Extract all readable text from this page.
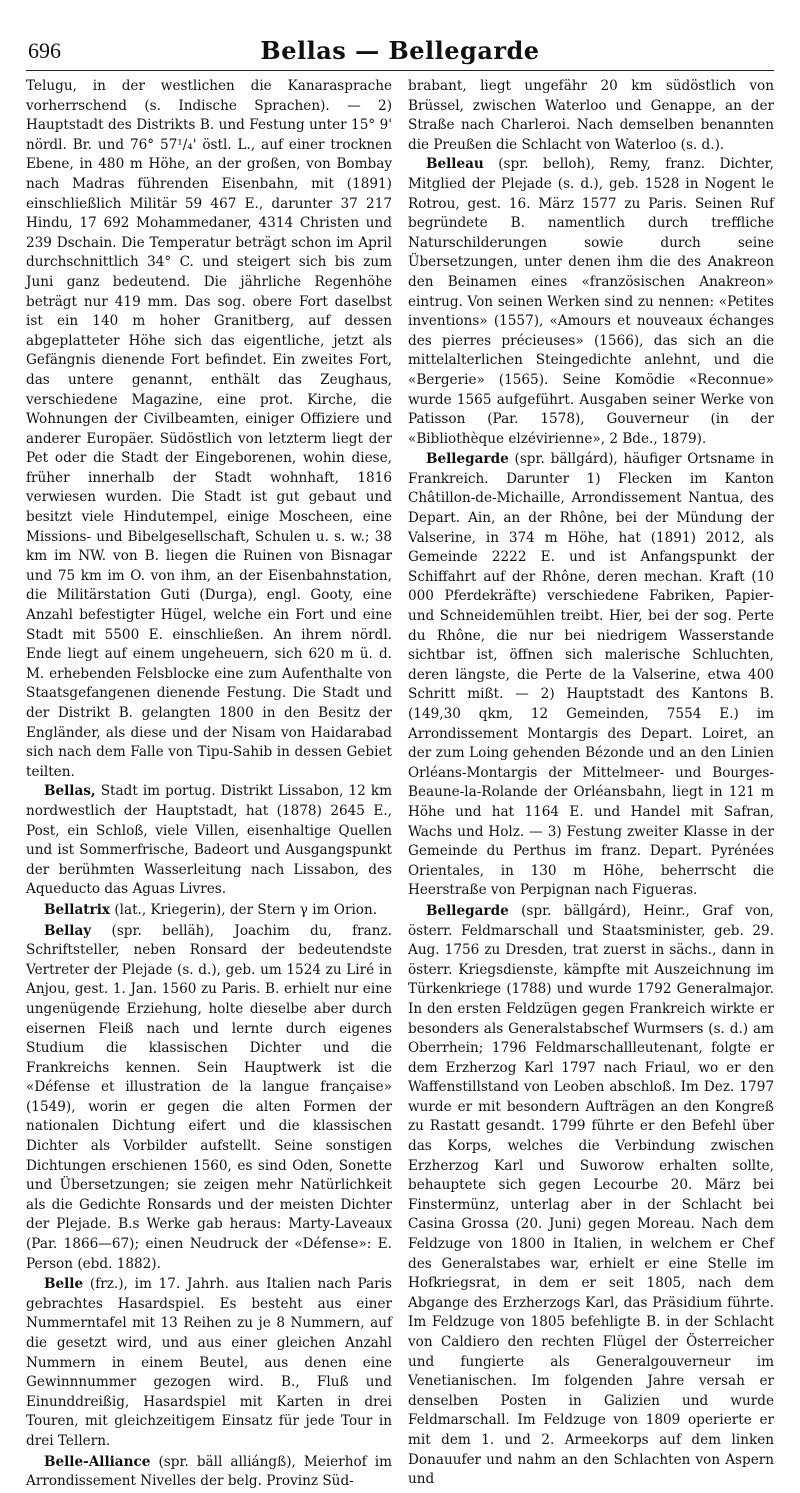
696	Bellas — Bellegarde

Telugu, in der westlichen die Kanarasprache vorherrschend (s. Indische Sprachen). — 2) Hauptstadt des Distrikts B. und Festung unter 15° 9' nördl. Br. und 76° 57¹/₄' östl. L., auf einer trocknen Ebene, in 480 m Höhe, an der großen, von Bombay nach Madras führenden Eisenbahn, mit (1891) einschließlich Militär 59 467 E., darunter 37 217 Hindu, 17 692 Mohammedaner, 4314 Christen und 239 Dschain. Die Temperatur beträgt schon im April durchschnittlich 34° C. und steigert sich bis zum Juni ganz bedeutend. Die jährliche Regenhöhe beträgt nur 419 mm. Das sog. obere Fort daselbst ist ein 140 m hoher Granitberg, auf dessen abgeplatteter Höhe sich das eigentliche, jetzt als Gefängnis dienende Fort befindet. Ein zweites Fort, das untere genannt, enthält das Zeughaus, verschiedene Magazine, eine prot. Kirche, die Wohnungen der Civilbeamten, einiger Offiziere und anderer Europäer. Südöstlich von letzterm liegt der Pet oder die Stadt der Eingeborenen, wohin diese, früher innerhalb der Stadt wohnhaft, 1816 verwiesen wurden. Die Stadt ist gut gebaut und besitzt viele Hindutempel, einige Moscheen, eine Missions- und Bibelgesellschaft, Schulen u. s. w.; 38 km im NW. von B. liegen die Ruinen von Bisnagar und 75 km im O. von ihm, an der Eisenbahnstation, die Militärstation Guti (Durga), engl. Gooty, eine Anzahl befestigter Hügel, welche ein Fort und eine Stadt mit 5500 E. einschließen. An ihrem nördl. Ende liegt auf einem ungeheuern, sich 620 m ü. d. M. erhebenden Felsblocke eine zum Aufenthalte von Staatsgefangenen dienende Festung. Die Stadt und der Distrikt B. gelangten 1800 in den Besitz der Engländer, als diese und der Nisam von Haidarabad sich nach dem Falle von Tipu-Sahib in dessen Gebiet teilten.

Bellas, Stadt im portug. Distrikt Lissabon, 12 km nordwestlich der Hauptstadt, hat (1878) 2645 E., Post, ein Schloß, viele Villen, eisenhaltige Quellen und ist Sommerfrische, Badeort und Ausgangspunkt der berühmten Wasserleitung nach Lissabon, des Aqueducto das Aguas Livres.

Bellatrix (lat., Kriegerin), der Stern γ im Orion.

Bellay (spr. belläh), Joachim du, franz. Schriftsteller, neben Ronsard der bedeutendste Vertreter der Plejade (s. d.), geb. um 1524 zu Liré in Anjou, gest. 1. Jan. 1560 zu Paris. B. erhielt nur eine ungenügende Erziehung, holte dieselbe aber durch eisernen Fleiß nach und lernte durch eigenes Studium die klassischen Dichter und die Frankreichs kennen. Sein Hauptwerk ist die «Défense et illustration de la langue française» (1549), worin er gegen die alten Formen der nationalen Dichtung eifert und die klassischen Dichter als Vorbilder aufstellt. Seine sonstigen Dichtungen erschienen 1560, es sind Oden, Sonette und Übersetzungen; sie zeigen mehr Natürlichkeit als die Gedichte Ronsards und der meisten Dichter der Plejade. B.s Werke gab heraus: Marty-Laveaux (Par. 1866—67); einen Neudruck der «Défense»: E. Person (ebd. 1882).

Belle (frz.), im 17. Jahrh. aus Italien nach Paris gebrachtes Hasardspiel. Es besteht aus einer Nummerntafel mit 13 Reihen zu je 8 Nummern, auf die gesetzt wird, und aus einer gleichen Anzahl Nummern in einem Beutel, aus denen eine Gewinnnummer gezogen wird. B., Fluß und Einunddreißig, Hasardspiel mit Karten in drei Touren, mit gleichzeitigem Einsatz für jede Tour in drei Tellern.

Belle-Alliance (spr. bäll alliángß), Meierhof im Arrondissement Nivelles der belg. Provinz Süd-

brabant, liegt ungefähr 20 km südöstlich von Brüssel, zwischen Waterloo und Genappe, an der Straße nach Charleroi. Nach demselben benannten die Preußen die Schlacht von Waterloo (s. d.).

Belleau (spr. belloh), Remy, franz. Dichter, Mitglied der Plejade (s. d.), geb. 1528 in Nogent le Rotrou, gest. 16. März 1577 zu Paris. Seinen Ruf begründete B. namentlich durch treffliche Naturschilderungen sowie durch seine Übersetzungen, unter denen ihm die des Anakreon den Beinamen eines «französischen Anakreon» eintrug. Von seinen Werken sind zu nennen: «Petites inventions» (1557), «Amours et nouveaux échanges des pierres précieuses» (1566), das sich an die mittelalterlichen Steingedichte anlehnt, und die «Bergerie» (1565). Seine Komödie «Reconnue» wurde 1565 aufgeführt. Ausgaben seiner Werke von Patisson (Par. 1578), Gouverneur (in der «Bibliothèque elzévirienne», 2 Bde., 1879).

Bellegarde (spr. bällgárd), häufiger Ortsname in Frankreich. Darunter 1) Flecken im Kanton Châtillon-de-Michaille, Arrondissement Nantua, des Depart. Ain, an der Rhône, bei der Mündung der Valserine, in 374 m Höhe, hat (1891) 2012, als Gemeinde 2222 E. und ist Anfangspunkt der Schiffahrt auf der Rhône, deren mechan. Kraft (10 000 Pferdekräfte) verschiedene Fabriken, Papier- und Schneidemühlen treibt. Hier, bei der sog. Perte du Rhône, die nur bei niedrigem Wasserstande sichtbar ist, öffnen sich malerische Schluchten, deren längste, die Perte de la Valserine, etwa 400 Schritt mißt. — 2) Hauptstadt des Kantons B. (149,30 qkm, 12 Gemeinden, 7554 E.) im Arrondissement Montargis des Depart. Loiret, an der zum Loing gehenden Bézonde und an den Linien Orléans-Montargis der Mittelmeer- und Bourges-Beaune-la-Rolande der Orléansbahn, liegt in 121 m Höhe und hat 1164 E. und Handel mit Safran, Wachs und Holz. — 3) Festung zweiter Klasse in der Gemeinde du Perthus im franz. Depart. Pyrénées Orientales, in 130 m Höhe, beherrscht die Heerstraße von Perpignan nach Figueras.

Bellegarde (spr. bällgárd), Heinr., Graf von, österr. Feldmarschall und Staatsminister, geb. 29. Aug. 1756 zu Dresden, trat zuerst in sächs., dann in österr. Kriegsdienste, kämpfte mit Auszeichnung im Türkenkriege (1788) und wurde 1792 Generalmajor. In den ersten Feldzügen gegen Frankreich wirkte er besonders als Generalstabschef Wurmsers (s. d.) am Oberrhein; 1796 Feldmarschallleutenant, folgte er dem Erzherzog Karl 1797 nach Friaul, wo er den Waffenstillstand von Leoben abschloß. Im Dez. 1797 wurde er mit besondern Aufträgen an den Kongreß zu Rastatt gesandt. 1799 führte er den Befehl über das Korps, welches die Verbindung zwischen Erzherzog Karl und Suworow erhalten sollte, behauptete sich gegen Lecourbe 20. März bei Finstermünz, unterlag aber in der Schlacht bei Casina Grossa (20. Juni) gegen Moreau. Nach dem Feldzuge von 1800 in Italien, in welchem er Chef des Generalstabes war, erhielt er eine Stelle im Hofkriegsrat, in dem er seit 1805, nach dem Abgange des Erzherzogs Karl, das Präsidium führte. Im Feldzuge von 1805 befehligte B. in der Schlacht von Caldiero den rechten Flügel der Österreicher und fungierte als Generalgouverneur im Venetianischen. Im folgenden Jahre versah er denselben Posten in Galizien und wurde Feldmarschall. Im Feldzuge von 1809 operierte er mit dem 1. und 2. Armeekorps auf dem linken Donauufer und nahm an den Schlachten von Aspern und
